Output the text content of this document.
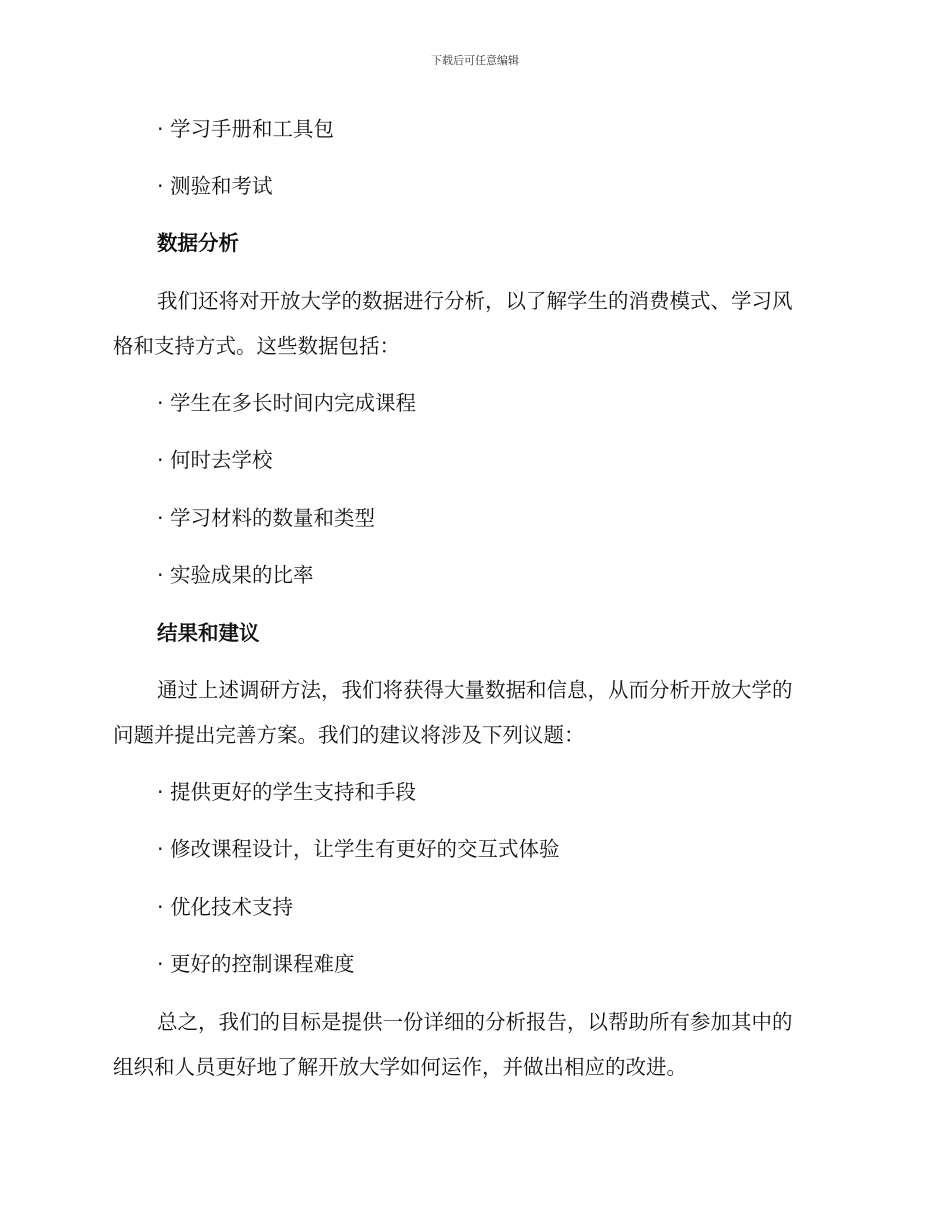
下载后可任意编辑
· 学习手册和工具包
· 测验和考试
数据分析
我们还将对开放大学的数据进行分析，以了解学生的消费模式、学习风
格和支持方式。这些数据包括：
· 学生在多长时间内完成课程
· 何时去学校
· 学习材料的数量和类型
· 实验成果的比率
结果和建议
通过上述调研方法，我们将获得大量数据和信息，从而分析开放大学的
问题并提出完善方案。我们的建议将涉及下列议题：
· 提供更好的学生支持和手段
· 修改课程设计，让学生有更好的交互式体验
· 优化技术支持
· 更好的控制课程难度
总之，我们的目标是提供一份详细的分析报告，以帮助所有参加其中的
组织和人员更好地了解开放大学如何运作，并做出相应的改进。
